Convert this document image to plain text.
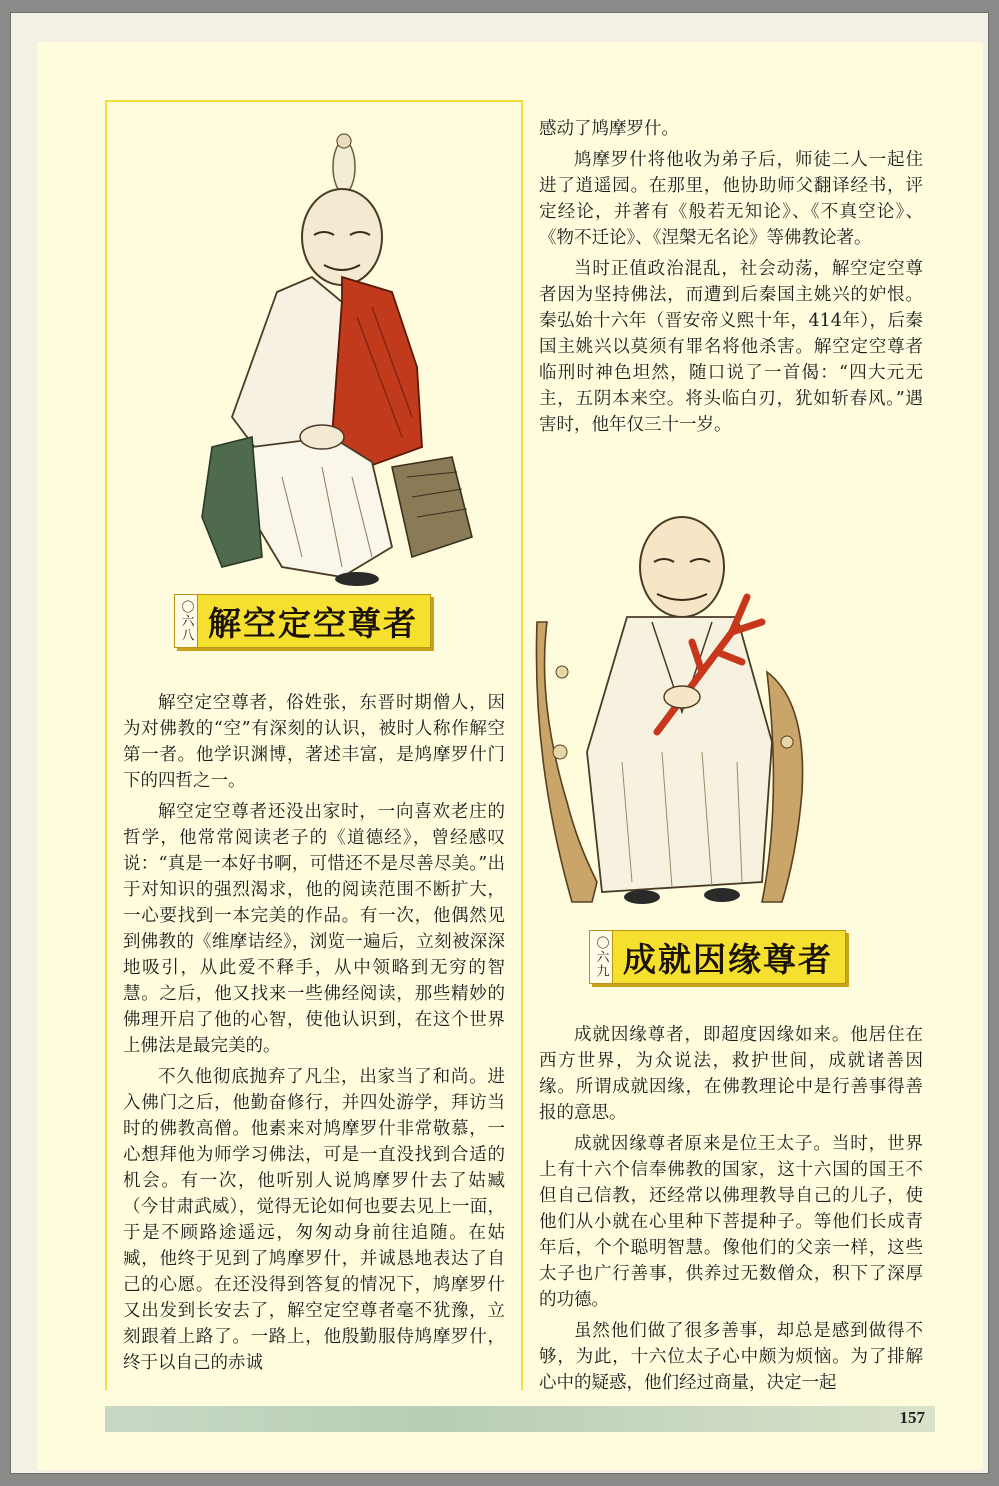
〇六八 解空定空尊者

解空定空尊者，俗姓张，东晋时期僧人，因为对佛教的“空”有深刻的认识，被时人称作解空第一者。他学识渊博，著述丰富，是鸠摩罗什门下的四哲之一。

解空定空尊者还没出家时，一向喜欢老庄的哲学，他常常阅读老子的《道德经》，曾经感叹说：“真是一本好书啊，可惜还不是尽善尽美。”出于对知识的强烈渴求，他的阅读范围不断扩大，一心要找到一本完美的作品。有一次，他偶然见到佛教的《维摩诘经》，浏览一遍后，立刻被深深地吸引，从此爱不释手，从中领略到无穷的智慧。之后，他又找来一些佛经阅读，那些精妙的佛理开启了他的心智，使他认识到，在这个世界上佛法是最完美的。

不久他彻底抛弃了凡尘，出家当了和尚。进入佛门之后，他勤奋修行，并四处游学，拜访当时的佛教高僧。他素来对鸠摩罗什非常敬慕，一心想拜他为师学习佛法，可是一直没找到合适的机会。有一次，他听别人说鸠摩罗什去了姑臧（今甘肃武威），觉得无论如何也要去见上一面，于是不顾路途遥远，匆匆动身前往追随。在姑臧，他终于见到了鸠摩罗什，并诚恳地表达了自己的心愿。在还没得到答复的情况下，鸠摩罗什又出发到长安去了，解空定空尊者毫不犹豫，立刻跟着上路了。一路上，他殷勤服侍鸠摩罗什，终于以自己的赤诚

感动了鸠摩罗什。

鸠摩罗什将他收为弟子后，师徒二人一起住进了逍遥园。在那里，他协助师父翻译经书，评定经论，并著有《般若无知论》、《不真空论》、《物不迁论》、《涅槃无名论》等佛教论著。

当时正值政治混乱，社会动荡，解空定空尊者因为坚持佛法，而遭到后秦国主姚兴的妒恨。秦弘始十六年（晋安帝义熙十年，414年），后秦国主姚兴以莫须有罪名将他杀害。解空定空尊者临刑时神色坦然，随口说了一首偈：“四大元无主，五阴本来空。将头临白刃，犹如斩春风。”遇害时，他年仅三十一岁。

〇六九 成就因缘尊者

成就因缘尊者，即超度因缘如来。他居住在西方世界，为众说法，救护世间，成就诸善因缘。所谓成就因缘，在佛教理论中是行善事得善报的意思。

成就因缘尊者原来是位王太子。当时，世界上有十六个信奉佛教的国家，这十六国的国王不但自己信教，还经常以佛理教导自己的儿子，使他们从小就在心里种下菩提种子。等他们长成青年后，个个聪明智慧。像他们的父亲一样，这些太子也广行善事，供养过无数僧众，积下了深厚的功德。

虽然他们做了很多善事，却总是感到做得不够，为此，十六位太子心中颇为烦恼。为了排解心中的疑惑，他们经过商量，决定一起

157
